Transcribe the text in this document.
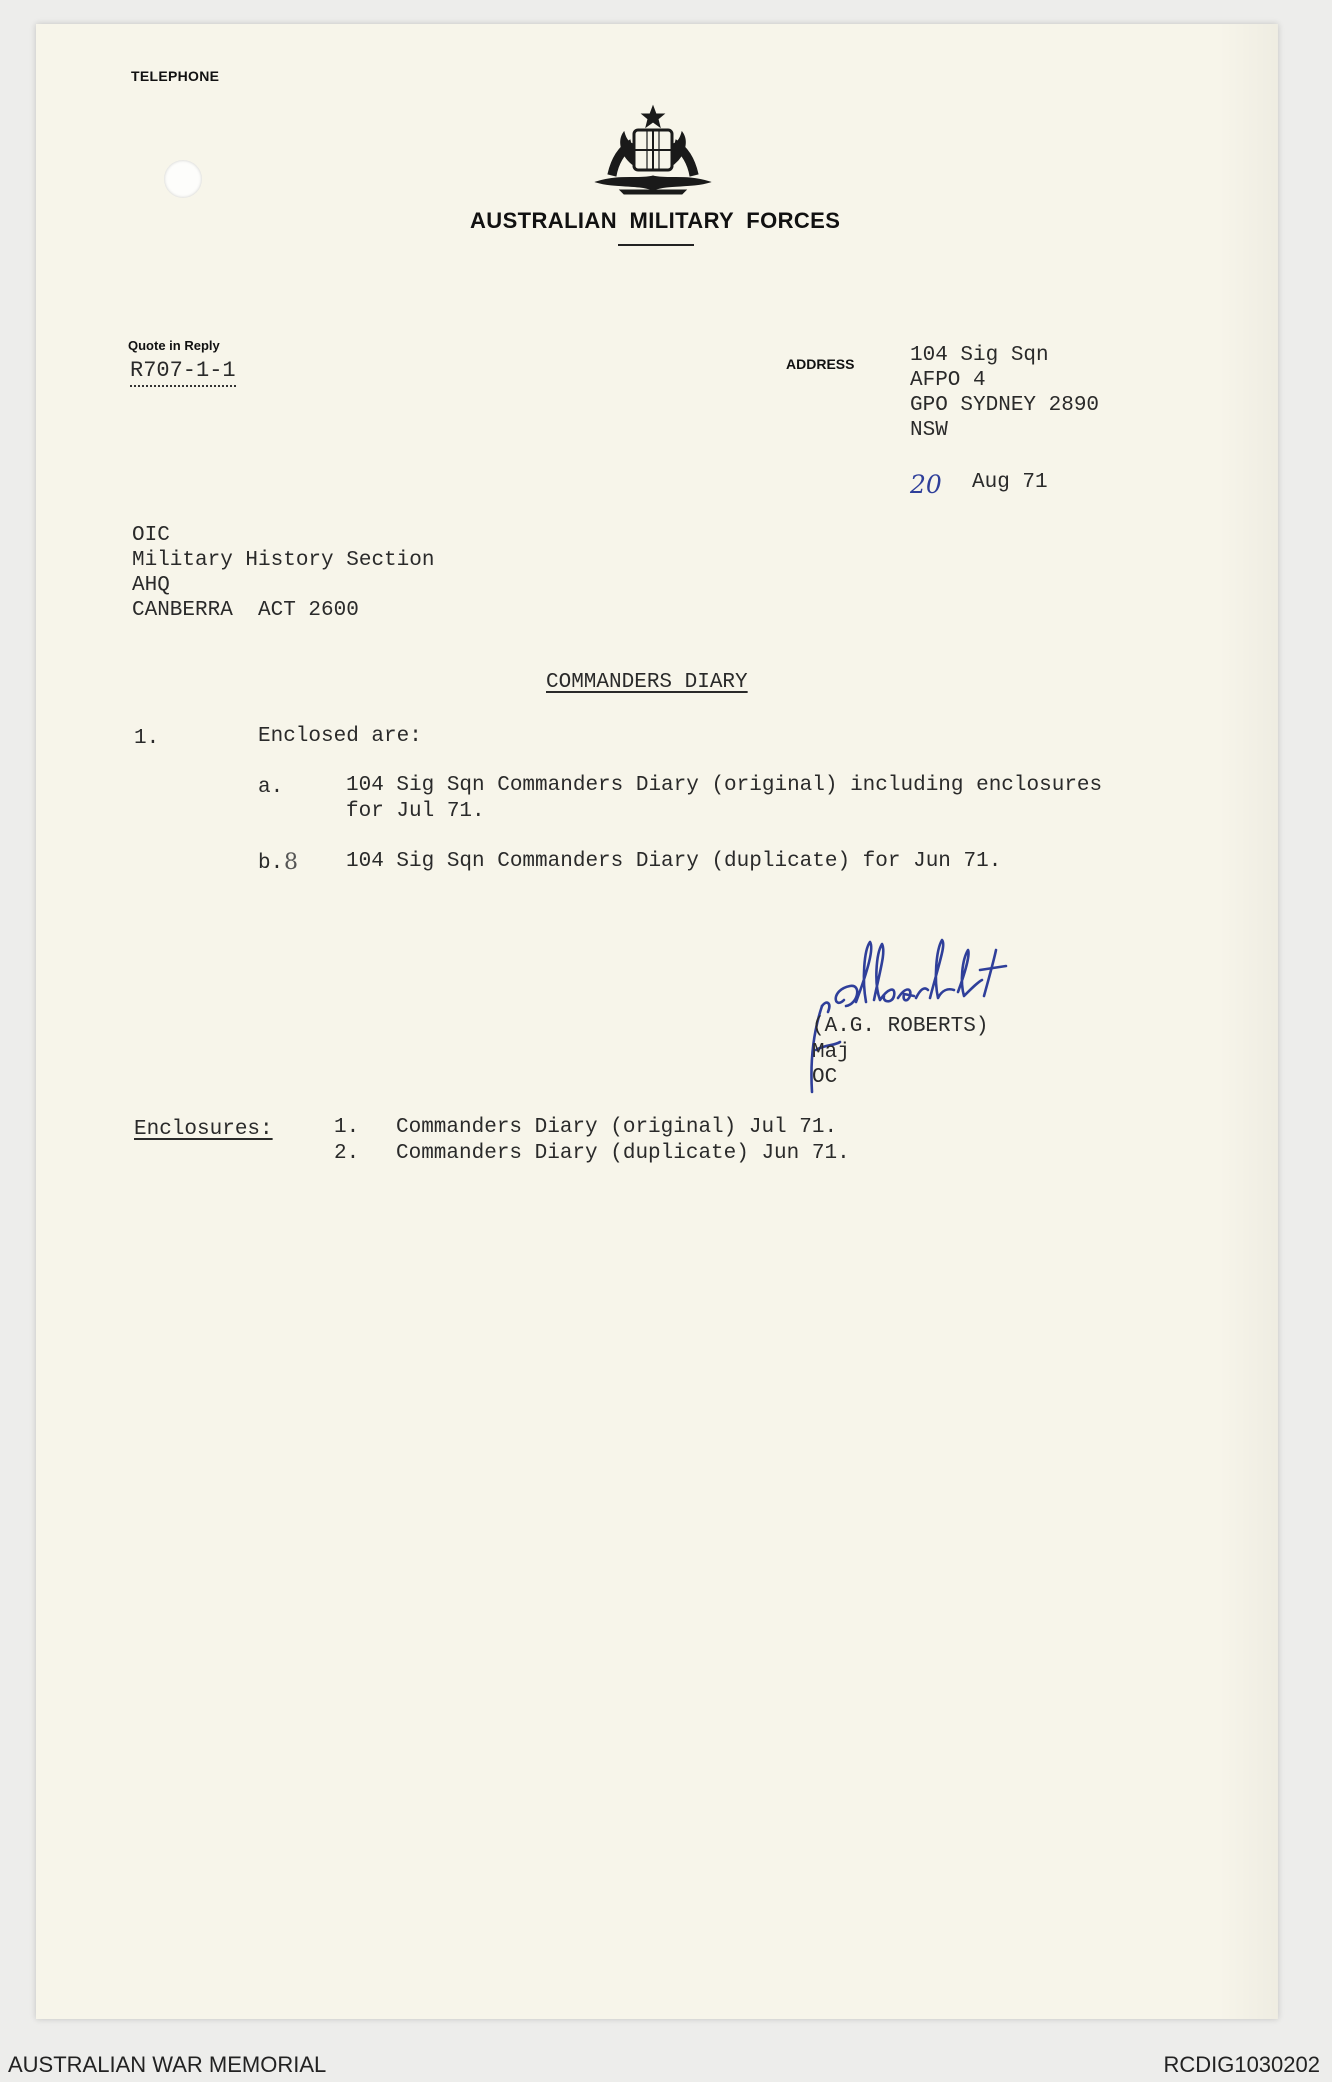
TELEPHONE
AUSTRALIAN MILITARY FORCES
Quote in Reply
R707-1-1	ADDRESS	104 Sig Sqn
AFPO 4
GPO SYDNEY 2890
NSW
20 Aug 71
OIC
Military History Section
AHQ
CANBERRA  ACT 2600
COMMANDERS DIARY
1.	Enclosed are:
a.	104 Sig Sqn Commanders Diary (original) including enclosures
for Jul 71.
b. 8 104 Sig Sqn Commanders Diary (duplicate) for Jun 71.
(A.G. ROBERTS)
Maj
OC
Enclosures:	1. Commanders Diary (original) Jul 71.
2. Commanders Diary (duplicate) Jun 71.
AUSTRALIAN WAR MEMORIAL	RCDIG1030202
